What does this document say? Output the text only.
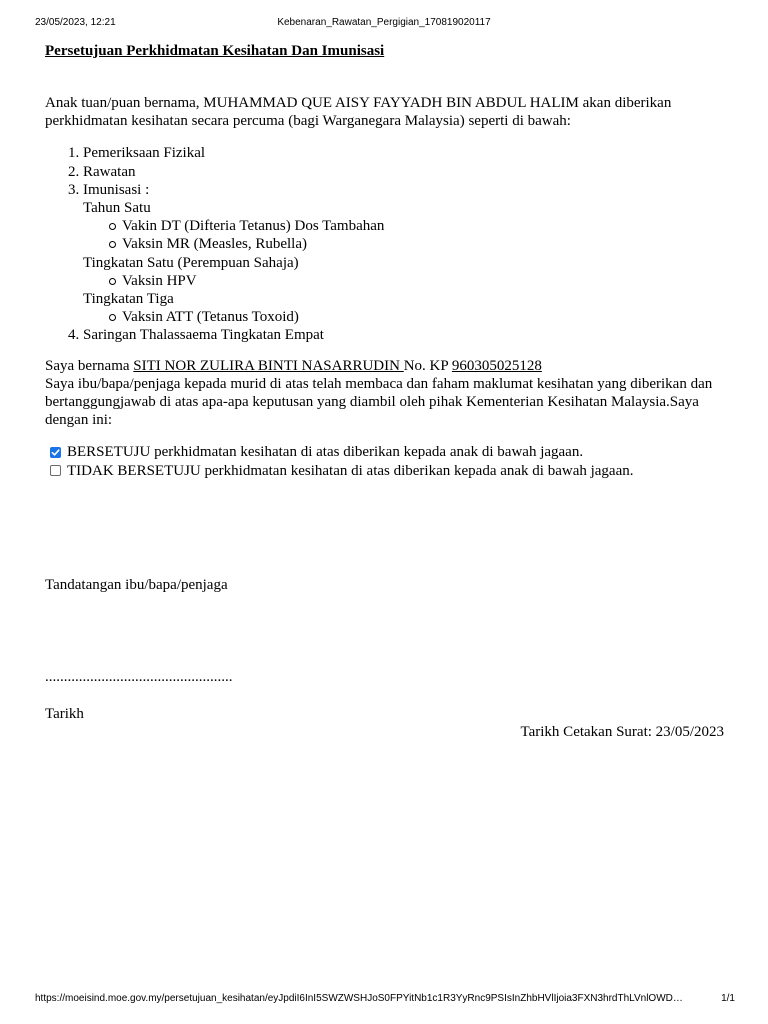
23/05/2023, 12:21	Kebenaran_Rawatan_Pergigian_170819020117

Persetujuan Perkhidmatan Kesihatan Dan Imunisasi

Anak tuan/puan bernama, MUHAMMAD QUE AISY FAYYADH BIN ABDUL HALIM akan diberikan perkhidmatan kesihatan secara percuma (bagi Warganegara Malaysia) seperti di bawah:

1. Pemeriksaan Fizikal
2. Rawatan
3. Imunisasi :
Tahun Satu
Vakin DT (Difteria Tetanus) Dos Tambahan
Vaksin MR (Measles, Rubella)
Tingkatan Satu (Perempuan Sahaja)
Vaksin HPV
Tingkatan Tiga
Vaksin ATT (Tetanus Toxoid)
4. Saringan Thalassaema Tingkatan Empat

Saya bernama SITI NOR ZULIRA BINTI NASARRUDIN No. KP 960305025128
Saya ibu/bapa/penjaga kepada murid di atas telah membaca dan faham maklumat kesihatan yang diberikan dan bertanggungjawab di atas apa-apa keputusan yang diambil oleh pihak Kementerian Kesihatan Malaysia.Saya dengan ini:

BERSETUJU perkhidmatan kesihatan di atas diberikan kepada anak di bawah jagaan.
TIDAK BERSETUJU perkhidmatan kesihatan di atas diberikan kepada anak di bawah jagaan.
Tandatangan ibu/bapa/penjaga
..................................................
Tarikh
Tarikh Cetakan Surat: 23/05/2023
https://moeisind.moe.gov.my/persetujuan_kesihatan/eyJpdiI6InI5SWZWSHJoS0FPYitNb1c1R3YyRnc9PSIsInZhbHVlIjoia3FXN3hrdThLVnlOWD…	1/1
